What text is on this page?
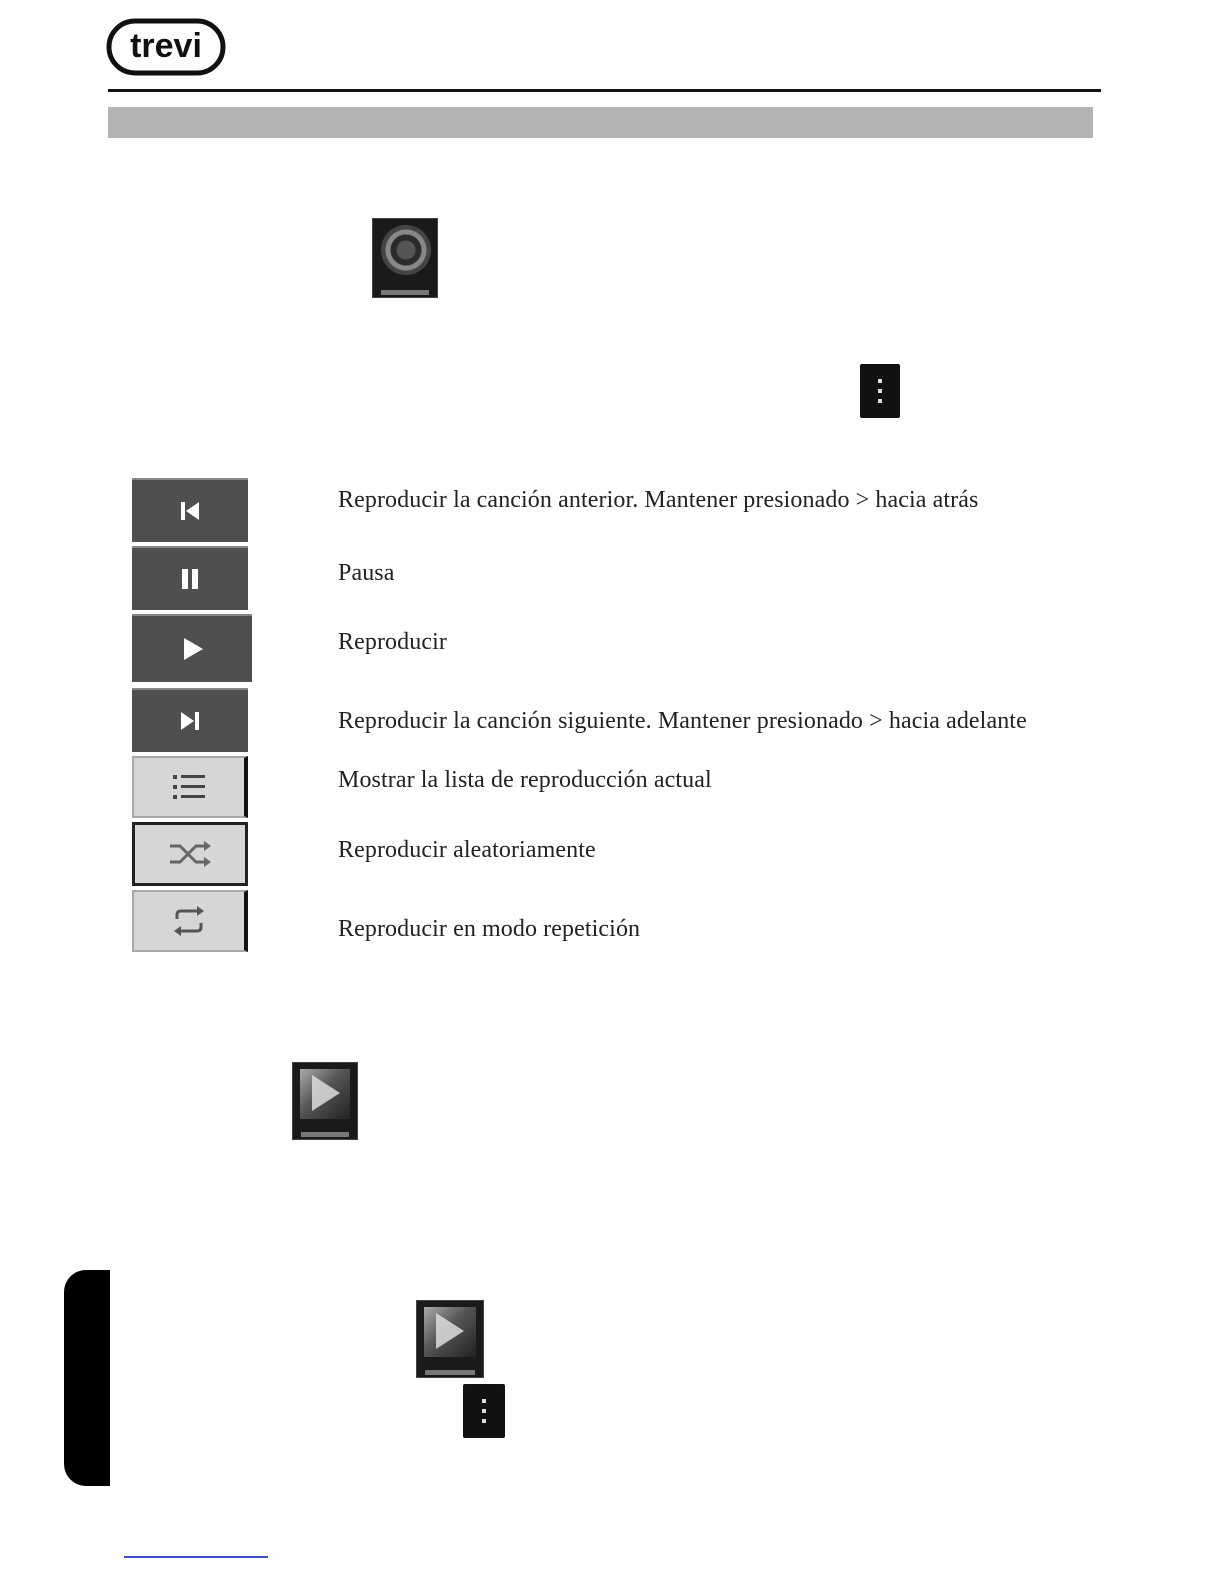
trevi
Reproducir la canción anterior. Mantener presionado > hacia atrás
Pausa
Reproducir
Reproducir la canción siguiente. Mantener presionado > hacia adelante
Mostrar la lista de reproducción actual
Reproducir aleatoriamente
Reproducir en modo repetición
